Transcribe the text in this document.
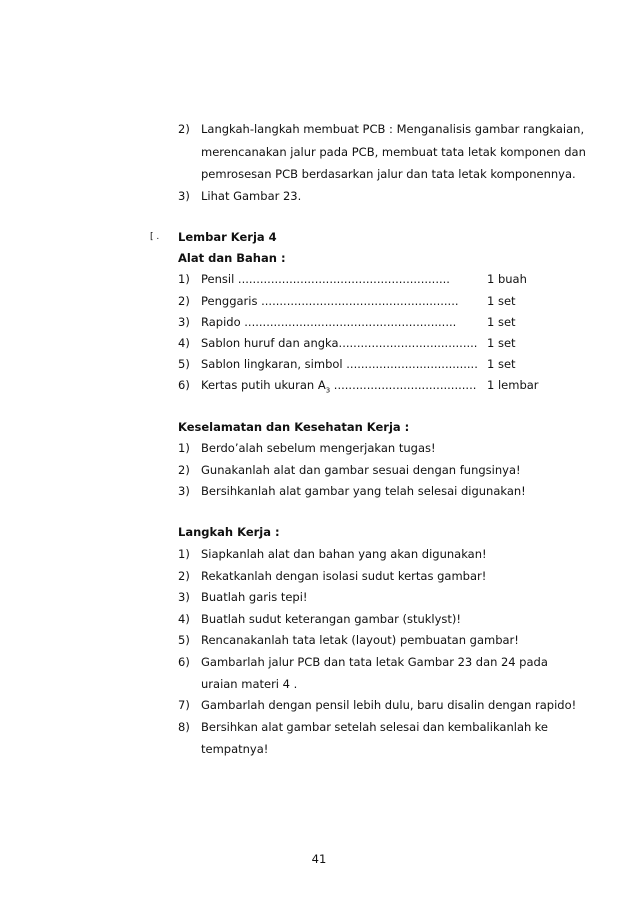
2) Langkah-langkah membuat PCB : Menganalisis gambar rangkaian,
merencanakan jalur pada PCB, membuat tata letak komponen dan
pemrosesan PCB berdasarkan jalur dan tata letak komponennya.
3) Lihat Gambar 23.
[ . Lembar Kerja 4
Alat dan Bahan :
1) Pensil ..........................................................	1 buah
2) Penggaris ...................................................... 1 set
3) Rapido ..........................................................	1 set
4) Sablon huruf dan angka...................................... 1 set
5) Sablon lingkaran, simbol .................................... 1 set
6) Kertas putih ukuran $A_3$ ....................................... 1 lembar
Keselamatan dan Kesehatan Kerja :
1) Berdo’alah sebelum mengerjakan tugas!
2) Gunakanlah alat dan gambar sesuai dengan fungsinya!
3) Bersihkanlah alat gambar yang telah selesai digunakan!
Langkah Kerja :
1) Siapkanlah alat dan bahan yang akan digunakan!
2) Rekatkanlah dengan isolasi sudut kertas gambar!
3) Buatlah garis tepi!
4) Buatlah sudut keterangan gambar (stuklyst)!
5) Rencanakanlah tata letak (layout) pembuatan gambar!
6) Gambarlah jalur PCB dan tata letak Gambar 23 dan 24 pada
uraian materi 4 .
7) Gambarlah dengan pensil lebih dulu, baru disalin dengan rapido!
8) Bersihkan alat gambar setelah selesai dan kembalikanlah ke
tempatnya!
41
